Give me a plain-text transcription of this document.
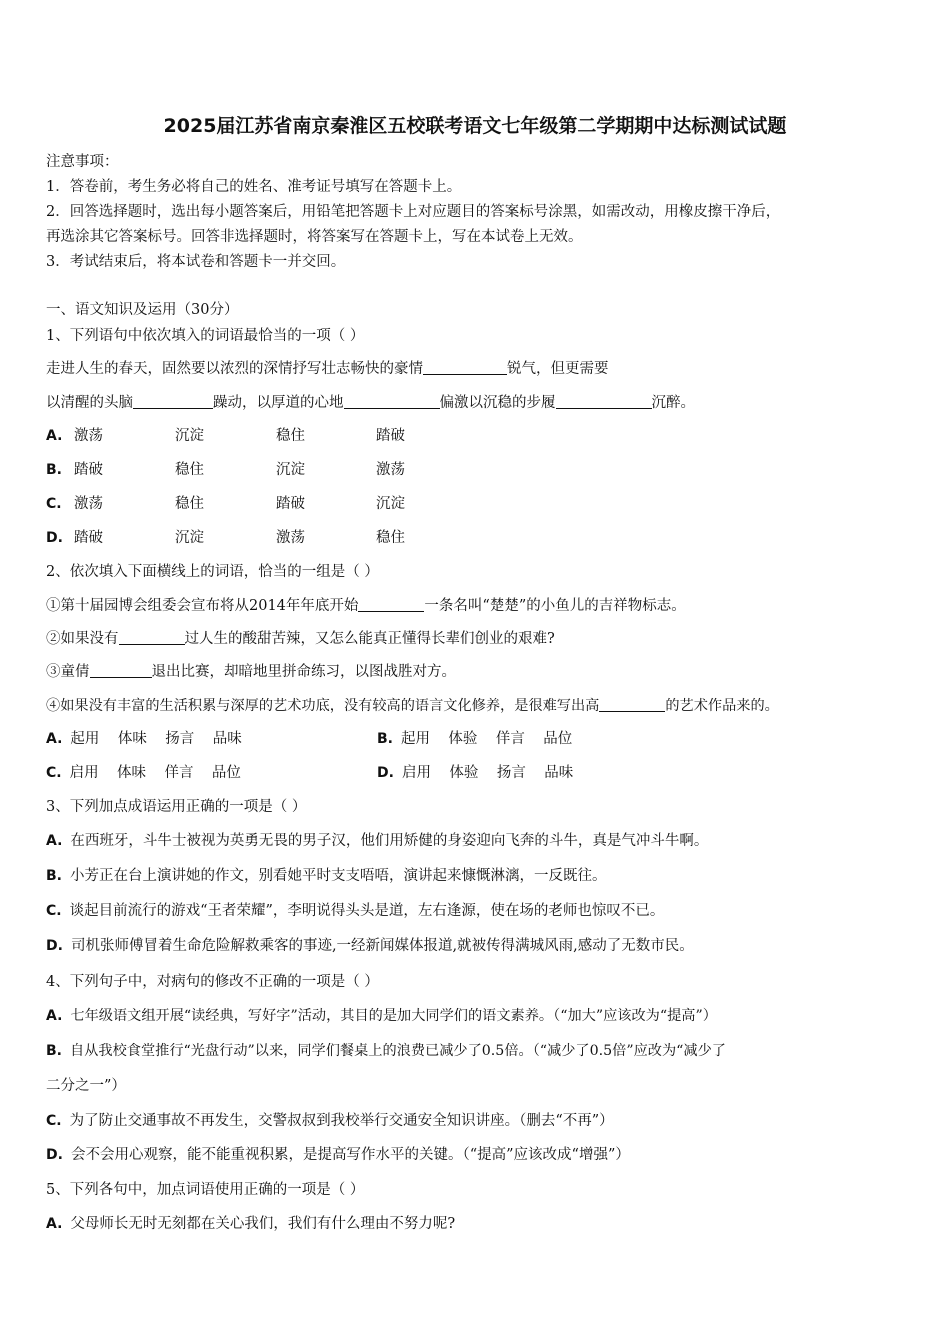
2025届江苏省南京秦淮区五校联考语文七年级第二学期期中达标测试试题
注意事项：
1．答卷前，考生务必将自己的姓名、准考证号填写在答题卡上。
2．回答选择题时，选出每小题答案后，用铅笔把答题卡上对应题目的答案标号涂黑，如需改动，用橡皮擦干净后，
再选涂其它答案标号。回答非选择题时，将答案写在答题卡上，写在本试卷上无效。
3．考试结束后，将本试卷和答题卡一并交回。
一、语文知识及运用（30分）
1、下列语句中依次填入的词语最恰当的一项（ ）
走进人生的春天，固然要以浓烈的深情抒写壮志畅快的豪情	锐气，但更需要
以清醒的头脑	躁动，以厚道的心地	偏激以沉稳的步履	沉醉。
A. 激荡	沉淀	稳住	踏破
B. 踏破	稳住	沉淀	激荡
C. 激荡	稳住	踏破	沉淀
D. 踏破	沉淀	激荡	稳住
2、依次填入下面横线上的词语，恰当的一组是（ ）
①第十届园博会组委会宣布将从2014年年底开始	一条名叫“楚楚”的小鱼儿的吉祥物标志。
②如果没有	过人生的酸甜苦辣，又怎么能真正懂得长辈们创业的艰难?
③童倩	退出比赛，却暗地里拼命练习，以图战胜对方。
④如果没有丰富的生活积累与深厚的艺术功底，没有较高的语言文化修养，是很难写出高	的艺术作品来的。
A. 起用    体味    扬言    品味	B. 起用    体验    佯言    品位
C. 启用    体味    佯言    品位	D. 启用    体验    扬言    品味
3、下列加点成语运用正确的一项是（ ）
A. 在西班牙，斗牛士被视为英勇无畏的男子汉，他们用矫健的身姿迎向飞奔的斗牛，真是气冲斗牛啊。
B. 小芳正在台上演讲她的作文，别看她平时支支唔唔，演讲起来慷慨淋漓，一反既往。
C. 谈起目前流行的游戏“王者荣耀”，李明说得头头是道，左右逢源，使在场的老师也惊叹不已。
D. 司机张师傅冒着生命危险解救乘客的事迹,一经新闻媒体报道,就被传得满城风雨,感动了无数市民。
4、下列句子中，对病句的修改不正确的一项是（ ）
A. 七年级语文组开展“读经典，写好字”活动，其目的是加大同学们的语文素养。（“加大”应该改为“提高”）
B. 自从我校食堂推行“光盘行动”以来，同学们餐桌上的浪费已减少了0.5倍。（“减少了0.5倍”应改为“减少了
二分之一”）
C. 为了防止交通事故不再发生，交警叔叔到我校举行交通安全知识讲座。（删去“不再”）
D. 会不会用心观察，能不能重视积累，是提高写作水平的关键。（“提高”应该改成“增强”）
5、下列各句中，加点词语使用正确的一项是（ ）
A. 父母师长无时无刻都在关心我们，我们有什么理由不努力呢?
